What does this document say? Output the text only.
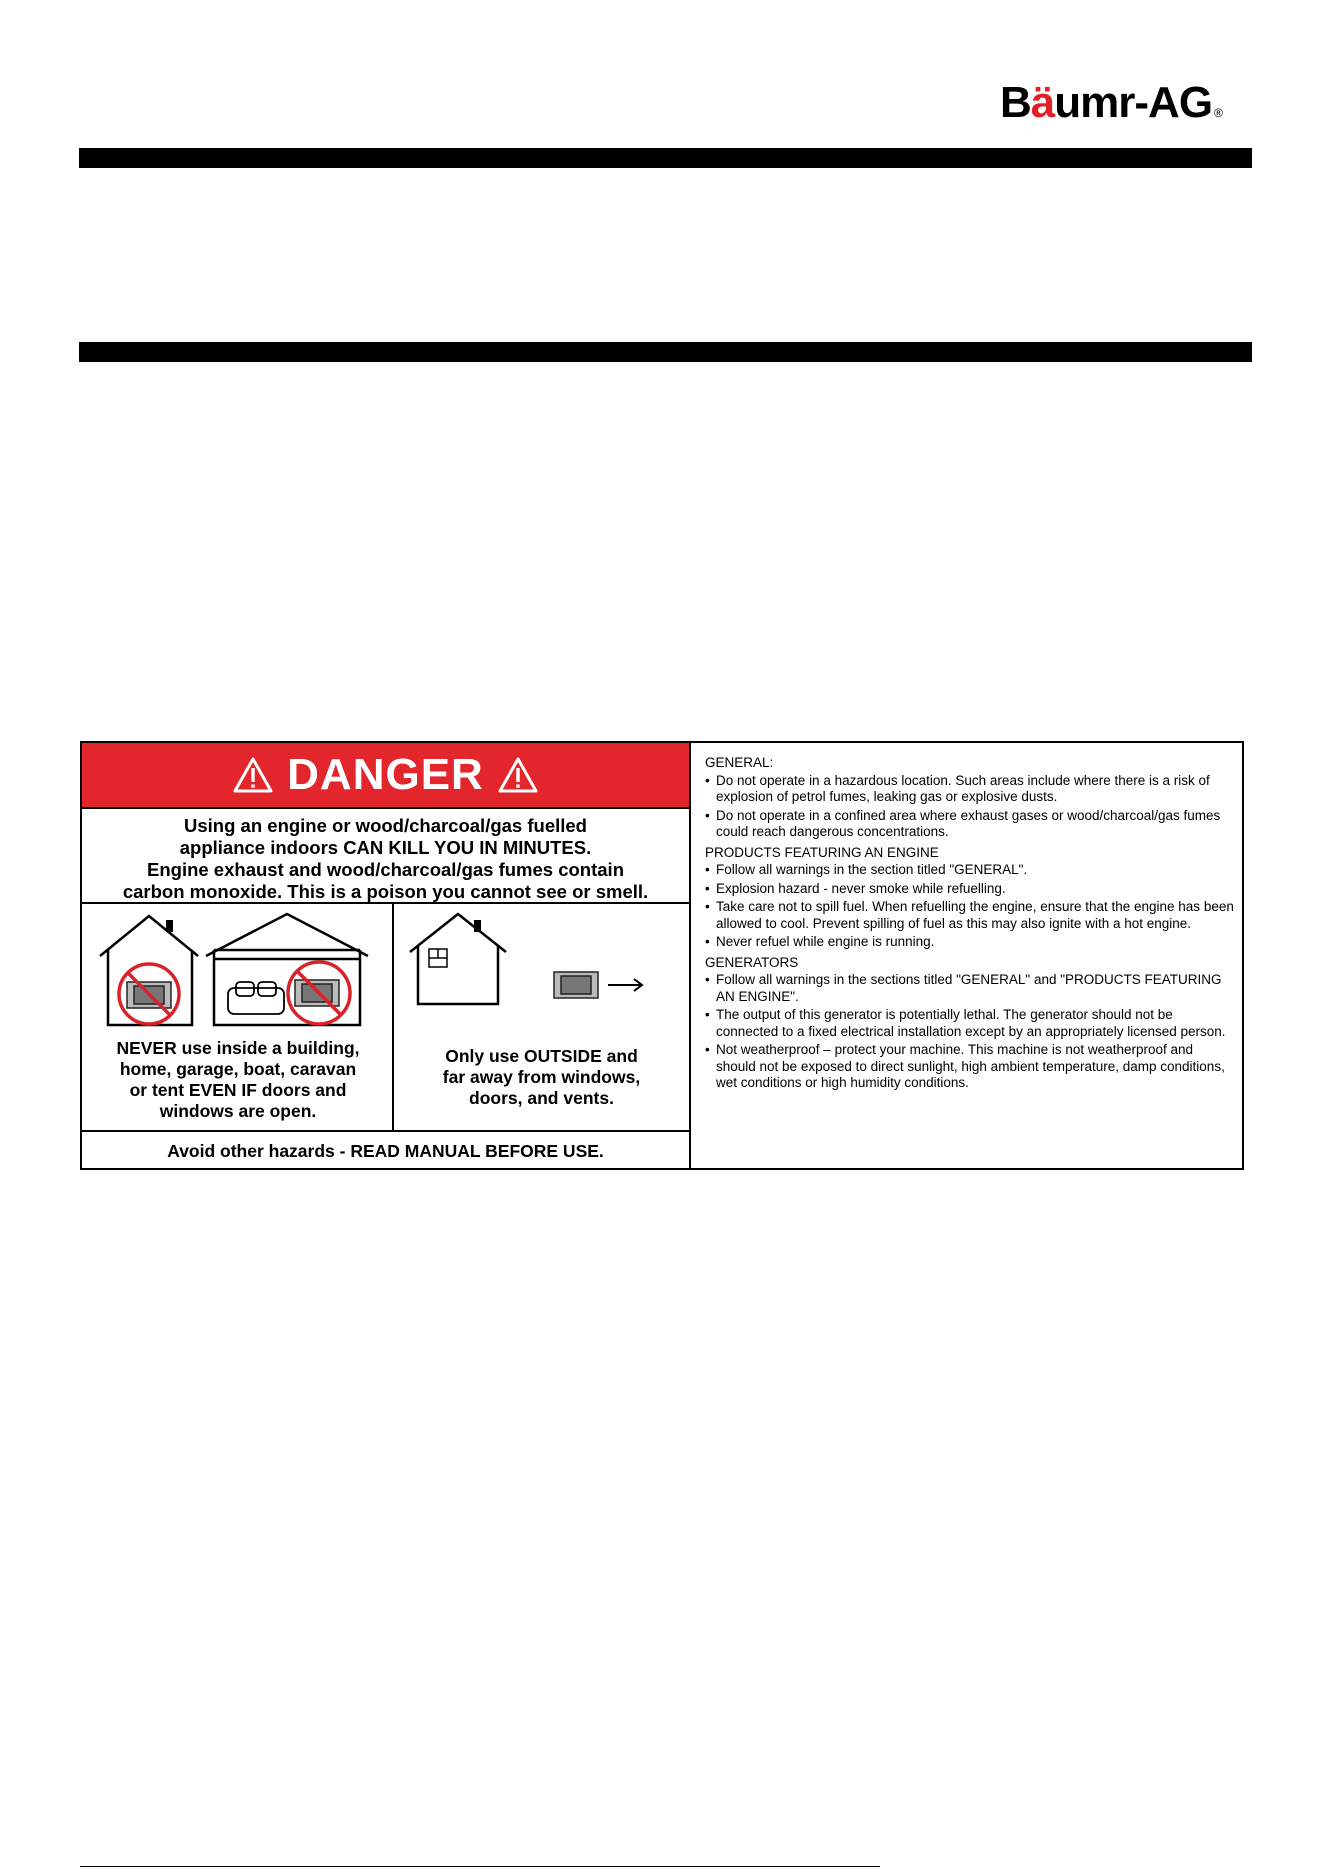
Bäumr-AG ®
DANGER
Using an engine or wood/charcoal/gas fuelled
appliance indoors CAN KILL YOU IN MINUTES.
Engine exhaust and wood/charcoal/gas fumes contain
carbon monoxide. This is a poison you cannot see or smell.
NEVER use inside a building,
home, garage, boat, caravan
or tent EVEN IF doors and
windows are open.
Only use OUTSIDE and
far away from windows,
doors, and vents.
Avoid other hazards - READ MANUAL BEFORE USE.
GENERAL:
• Do not operate in a hazardous location. Such areas include where there is a risk of explosion of petrol fumes, leaking gas or explosive dusts.
• Do not operate in a confined area where exhaust gases or wood/charcoal/gas fumes could reach dangerous concentrations.
PRODUCTS FEATURING AN ENGINE
• Follow all warnings in the section titled "GENERAL".
• Explosion hazard - never smoke while refuelling.
• Take care not to spill fuel. When refuelling the engine, ensure that the engine has been allowed to cool. Prevent spilling of fuel as this may also ignite with a hot engine.
• Never refuel while engine is running.
GENERATORS
• Follow all warnings in the sections titled "GENERAL" and "PRODUCTS FEATURING AN ENGINE".
• The output of this generator is potentially lethal. The generator should not be connected to a fixed electrical installation except by an appropriately licensed person.
• Not weatherproof – protect your machine. This machine is not weatherproof and should not be exposed to direct sunlight, high ambient temperature, damp conditions, wet conditions or high humidity conditions.
